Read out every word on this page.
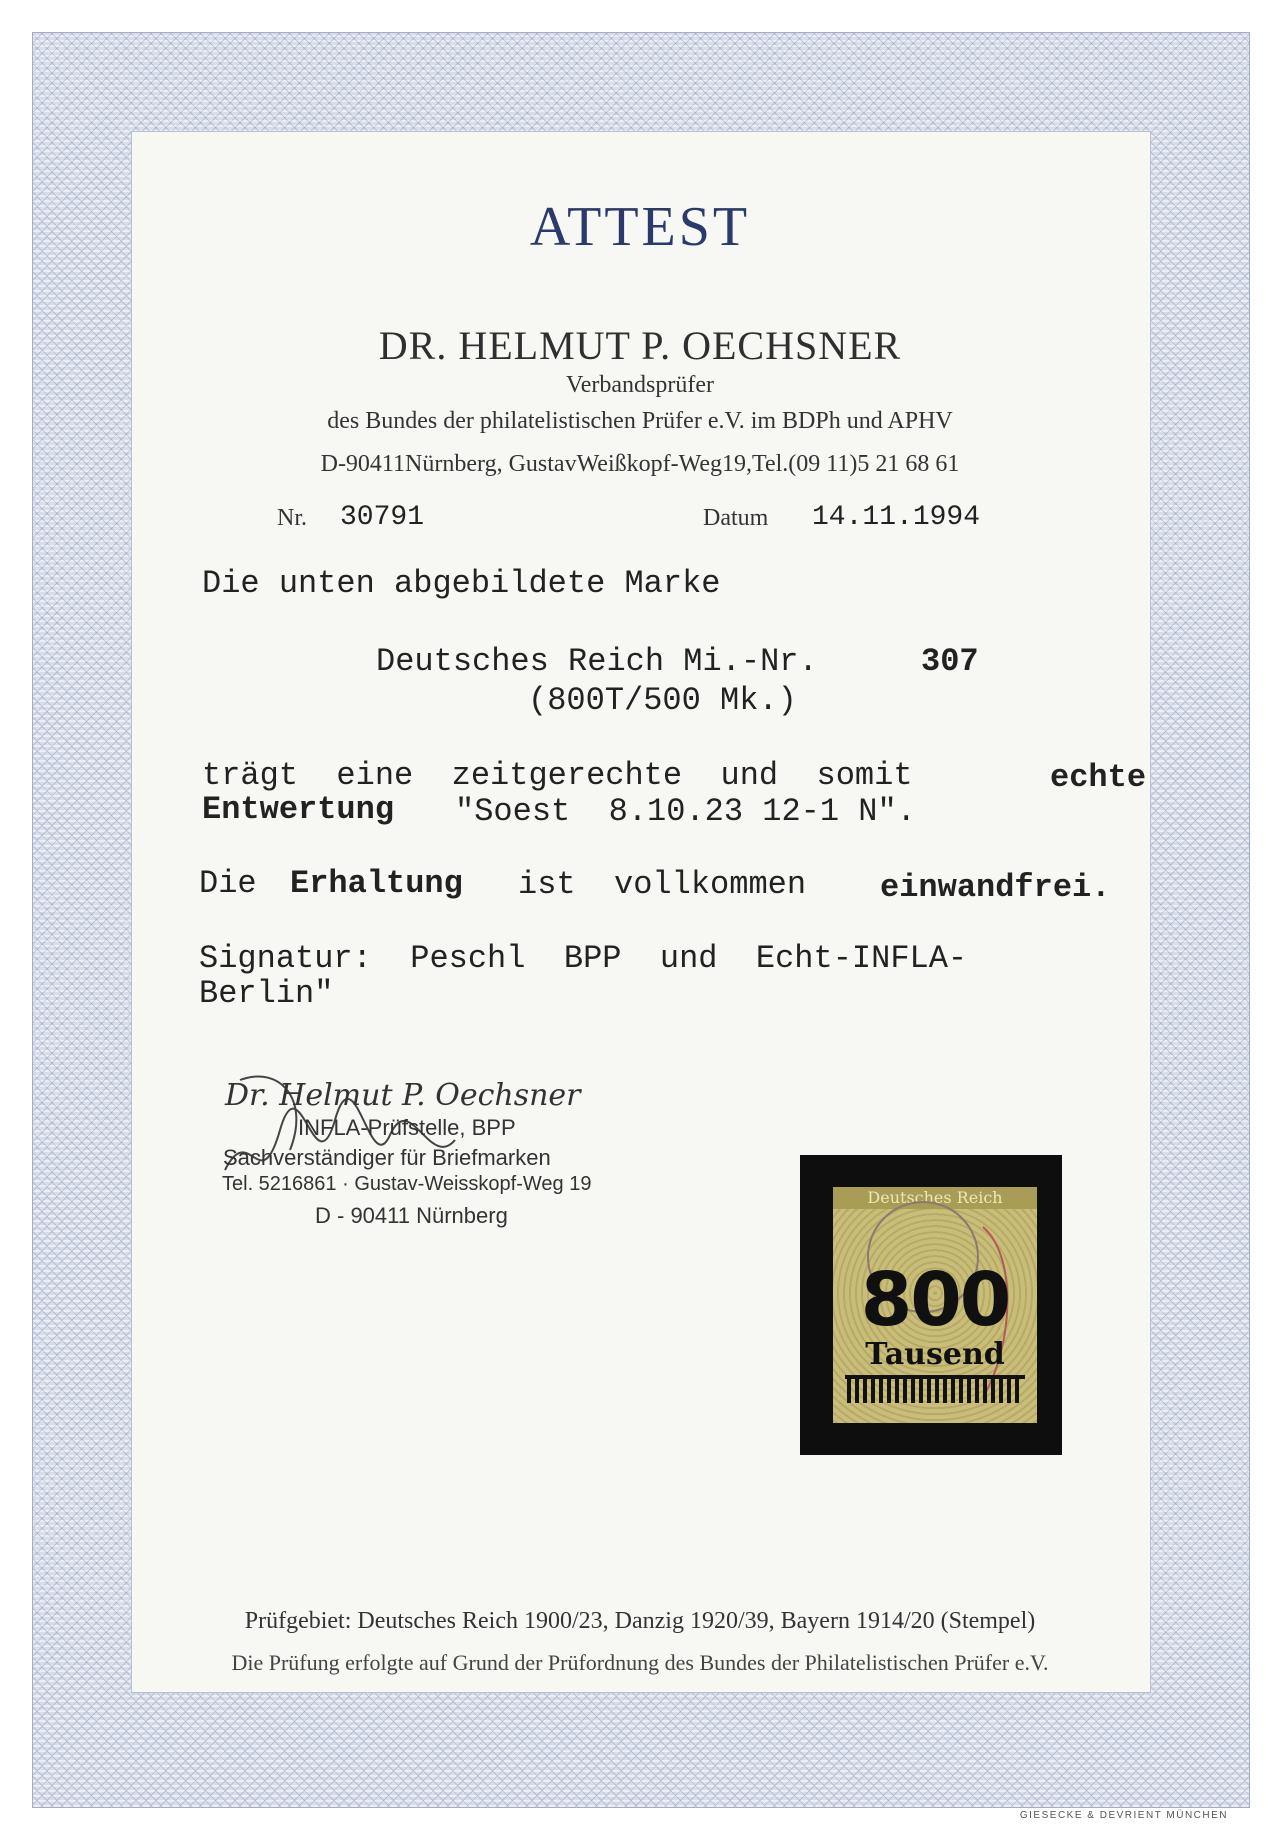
ATTEST
DR. HELMUT P. OECHSNER
Verbandsprüfer
des Bundes der philatelistischen Prüfer e.V. im BDPh und APHV
D-90411Nürnberg, GustavWeißkopf-Weg19,Tel.(09 11)5 21 68 61
Nr. 30791	Datum 14.11.1994
Die unten abgebildete Marke
Deutsches Reich Mi.-Nr.	307
(800T/500 Mk.)
trägt  eine  zeitgerechte  und  somit	echte
Entwertung "Soest  8.10.23 12-1 N".
Die Erhaltung ist  vollkommen einwandfrei.
Signatur:  Peschl  BPP  und  Echt-INFLA-
Berlin"
Dr. Helmut P. Oechsner
INFLA-Prüfstelle, BPP
Sachverständiger für Briefmarken
Tel. 5216861 · Gustav-Weisskopf-Weg 19
D - 90411 Nürnberg
Deutsches Reich
800
Tausend
Prüfgebiet: Deutsches Reich 1900/23, Danzig 1920/39, Bayern 1914/20 (Stempel)
Die Prüfung erfolgte auf Grund der Prüfordnung des Bundes der Philatelistischen Prüfer e.V.
GIESECKE & DEVRIENT MÜNCHEN
